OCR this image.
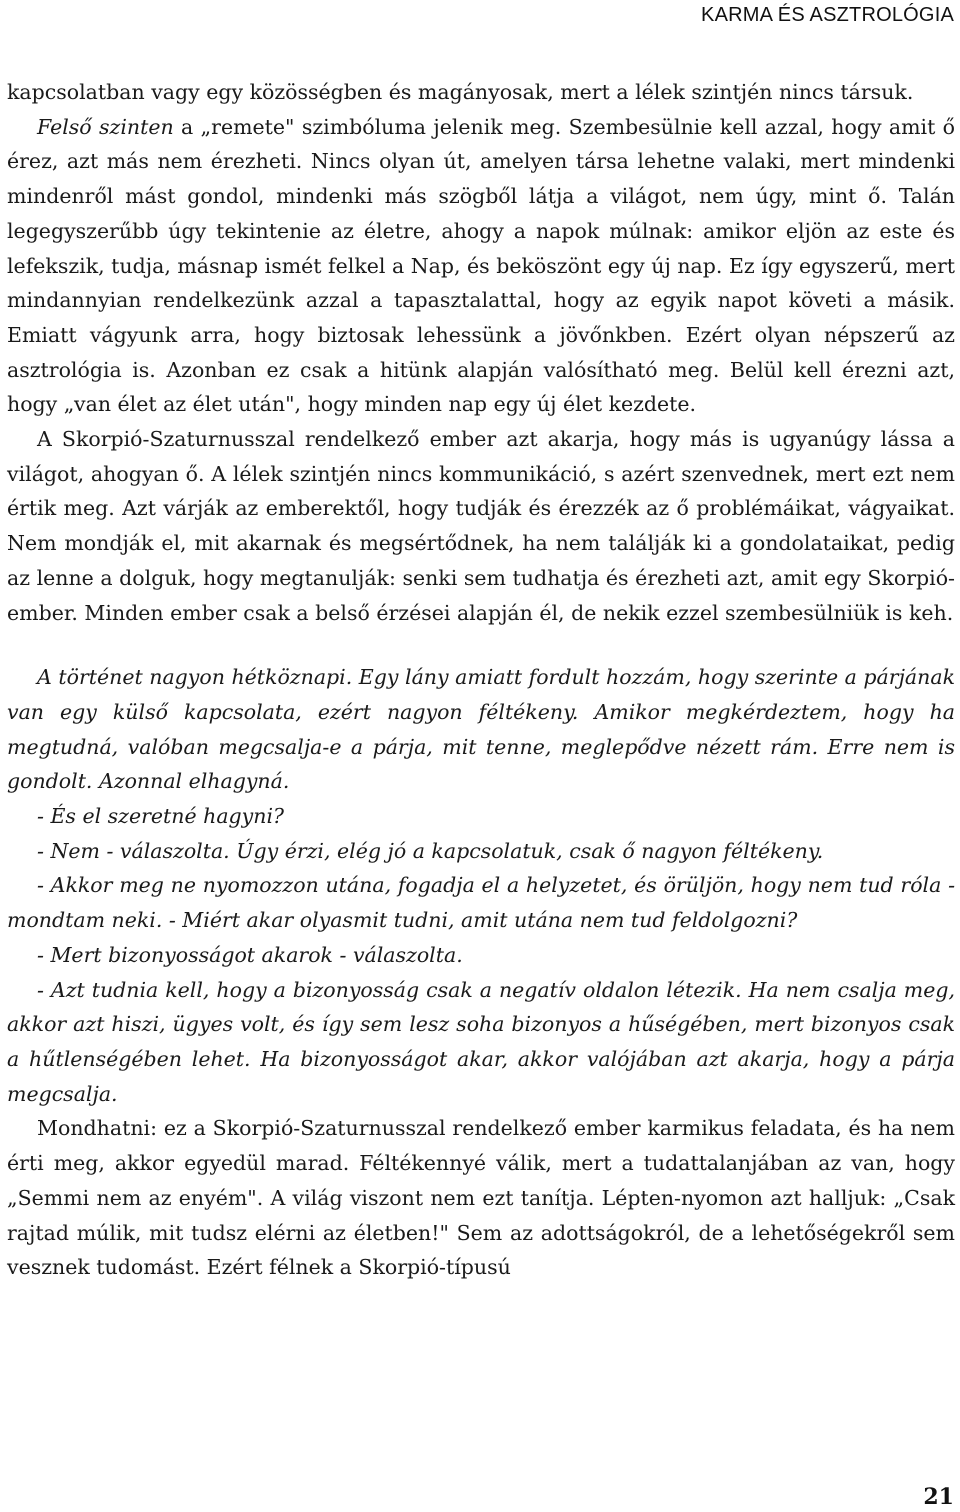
KARMA ÉS ASZTROLÓGIA

kapcsolatban vagy egy közösségben és magányosak, mert a lélek szintjén nincs társuk.

Felső szinten a „remete" szimbóluma jelenik meg. Szembesülnie kell azzal, hogy amit ő érez, azt más nem érezheti. Nincs olyan út, amelyen társa lehetne valaki, mert mindenki mindenről mást gondol, mindenki más szögből látja a világot, nem úgy, mint ő. Talán legegyszerűbb úgy tekintenie az életre, ahogy a napok múlnak: amikor eljön az este és lefekszik, tudja, másnap ismét felkel a Nap, és beköszönt egy új nap. Ez így egyszerű, mert mindannyian rendelkezünk azzal a tapasztalattal, hogy az egyik napot követi a másik. Emiatt vágyunk arra, hogy biztosak lehessünk a jövőnkben. Ezért olyan népszerű az asztrológia is. Azonban ez csak a hitünk alapján valósítható meg. Belül kell érezni azt, hogy „van élet az élet után", hogy minden nap egy új élet kezdete.

A Skorpió-Szaturnusszal rendelkező ember azt akarja, hogy más is ugyanúgy lássa a világot, ahogyan ő. A lélek szintjén nincs kommunikáció, s azért szenvednek, mert ezt nem értik meg. Azt várják az emberektől, hogy tudják és érezzék az ő problémáikat, vágyaikat. Nem mondják el, mit akarnak és megsértődnek, ha nem találják ki a gondolataikat, pedig az lenne a dolguk, hogy megtanulják: senki sem tudhatja és érezheti azt, amit egy Skorpió-ember. Minden ember csak a belső érzései alapján él, de nekik ezzel szembesülniük is keh.

A történet nagyon hétköznapi. Egy lány amiatt fordult hozzám, hogy szerinte a párjának van egy külső kapcsolata, ezért nagyon féltékeny. Amikor megkérdeztem, hogy ha megtudná, valóban megcsalja-e a párja, mit tenne, meglepődve nézett rám. Erre nem is gondolt. Azonnal elhagyná.

- És el szeretné hagyni?

- Nem - válaszolta. Úgy érzi, elég jó a kapcsolatuk, csak ő nagyon féltékeny.

- Akkor meg ne nyomozzon utána, fogadja el a helyzetet, és örüljön, hogy nem tud róla - mondtam neki. - Miért akar olyasmit tudni, amit utána nem tud feldolgozni?

- Mert bizonyosságot akarok - válaszolta.

- Azt tudnia kell, hogy a bizonyosság csak a negatív oldalon létezik. Ha nem csalja meg, akkor azt hiszi, ügyes volt, és így sem lesz soha bizonyos a hűségében, mert bizonyos csak a hűtlenségében lehet. Ha bizonyosságot akar, akkor valójában azt akarja, hogy a párja megcsalja.

Mondhatni: ez a Skorpió-Szaturnusszal rendelkező ember karmikus feladata, és ha nem érti meg, akkor egyedül marad. Féltékennyé válik, mert a tudattalanjában az van, hogy „Semmi nem az enyém". A világ viszont nem ezt tanítja. Lépten-nyomon azt halljuk: „Csak rajtad múlik, mit tudsz elérni az életben!" Sem az adottságokról, de a lehetőségekről sem vesznek tudomást. Ezért félnek a Skorpió-típusú

21
